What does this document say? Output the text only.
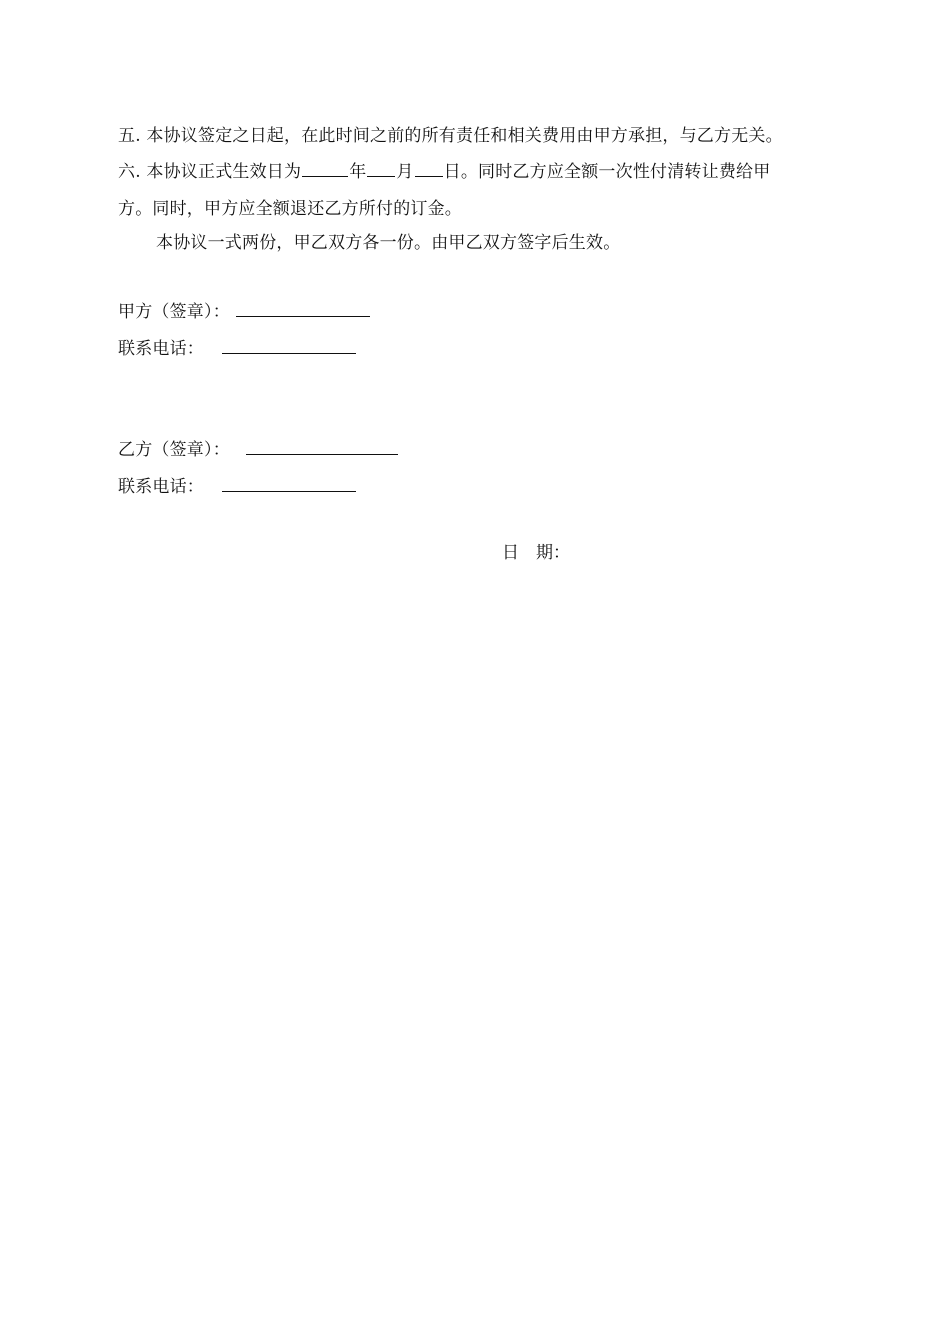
五. 本协议签定之日起，在此时间之前的所有责任和相关费用由甲方承担，与乙方无关。
六. 本协议正式生效日为	年 月 日。同时乙方应全额一次性付清转让费给甲
方。同时，甲方应全额退还乙方所付的订金。
本协议一式两份，甲乙双方各一份。由甲乙双方签字后生效。
甲方（签章）：
联系电话：
乙方（签章）：
联系电话：
日　期：
